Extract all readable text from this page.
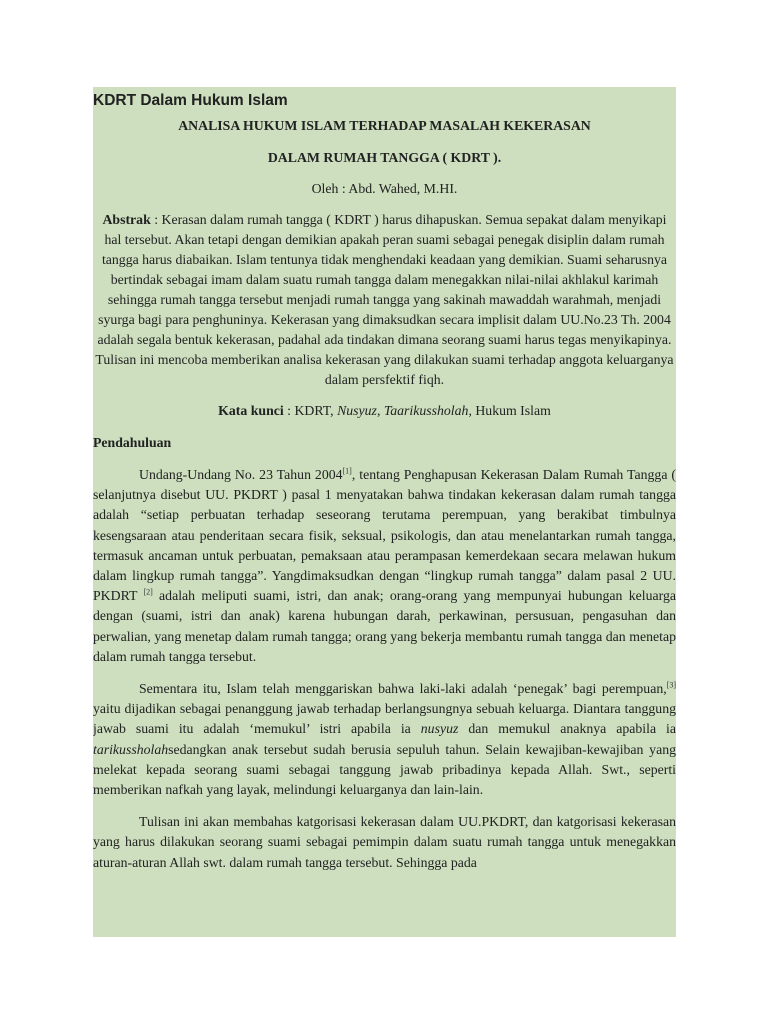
KDRT Dalam Hukum Islam
ANALISA HUKUM ISLAM TERHADAP MASALAH KEKERASAN
DALAM RUMAH TANGGA ( KDRT ).
Oleh : Abd. Wahed, M.HI.
Abstrak : Kerasan dalam rumah tangga ( KDRT ) harus dihapuskan. Semua sepakat dalam menyikapi hal tersebut. Akan tetapi dengan demikian apakah peran suami sebagai penegak disiplin dalam rumah tangga harus diabaikan. Islam tentunya tidak menghendaki keadaan yang demikian. Suami seharusnya bertindak sebagai imam dalam suatu rumah tangga dalam menegakkan nilai-nilai akhlakul karimah sehingga rumah tangga tersebut menjadi rumah tangga yang sakinah mawaddah warahmah, menjadi syurga bagi para penghuninya. Kekerasan yang dimaksudkan secara implisit dalam UU.No.23 Th. 2004 adalah segala bentuk kekerasan, padahal ada tindakan dimana seorang suami harus tegas menyikapinya. Tulisan ini mencoba memberikan analisa kekerasan yang dilakukan suami terhadap anggota keluarganya dalam persfektif fiqh.
Kata kunci : KDRT, Nusyuz, Taarikussholah, Hukum Islam
Pendahuluan

Undang-Undang No. 23 Tahun 2004[1], tentang Penghapusan Kekerasan Dalam Rumah Tangga ( selanjutnya disebut UU. PKDRT ) pasal 1 menyatakan bahwa tindakan kekerasan dalam rumah tangga adalah “setiap perbuatan terhadap seseorang terutama perempuan, yang berakibat timbulnya kesengsaraan atau penderitaan secara fisik, seksual, psikologis, dan atau menelantarkan rumah tangga, termasuk ancaman untuk perbuatan, pemaksaan atau perampasan kemerdekaan secara melawan hukum dalam lingkup rumah tangga”. Yangdimaksudkan dengan “lingkup rumah tangga” dalam pasal 2 UU. PKDRT [2] adalah meliputi suami, istri, dan anak; orang-orang yang mempunyai hubungan keluarga dengan (suami, istri dan anak) karena hubungan darah, perkawinan, persusuan, pengasuhan dan perwalian, yang menetap dalam rumah tangga; orang yang bekerja membantu rumah tangga dan menetap dalam rumah tangga tersebut.

Sementara itu, Islam telah menggariskan bahwa laki-laki adalah ‘penegak’ bagi perempuan,[3] yaitu dijadikan sebagai penanggung jawab terhadap berlangsungnya sebuah keluarga. Diantara tanggung jawab suami itu adalah ‘memukul’ istri apabila ia nusyuz dan memukul anaknya apabila ia tarikussholahsedangkan anak tersebut sudah berusia sepuluh tahun. Selain kewajiban-kewajiban yang melekat kepada seorang suami sebagai tanggung jawab pribadinya kepada Allah. Swt., seperti memberikan nafkah yang layak, melindungi keluarganya dan lain-lain.

Tulisan ini akan membahas katgorisasi kekerasan dalam UU.PKDRT, dan katgorisasi kekerasan yang harus dilakukan seorang suami sebagai pemimpin dalam suatu rumah tangga untuk menegakkan aturan-aturan Allah swt. dalam rumah tangga tersebut. Sehingga pada
